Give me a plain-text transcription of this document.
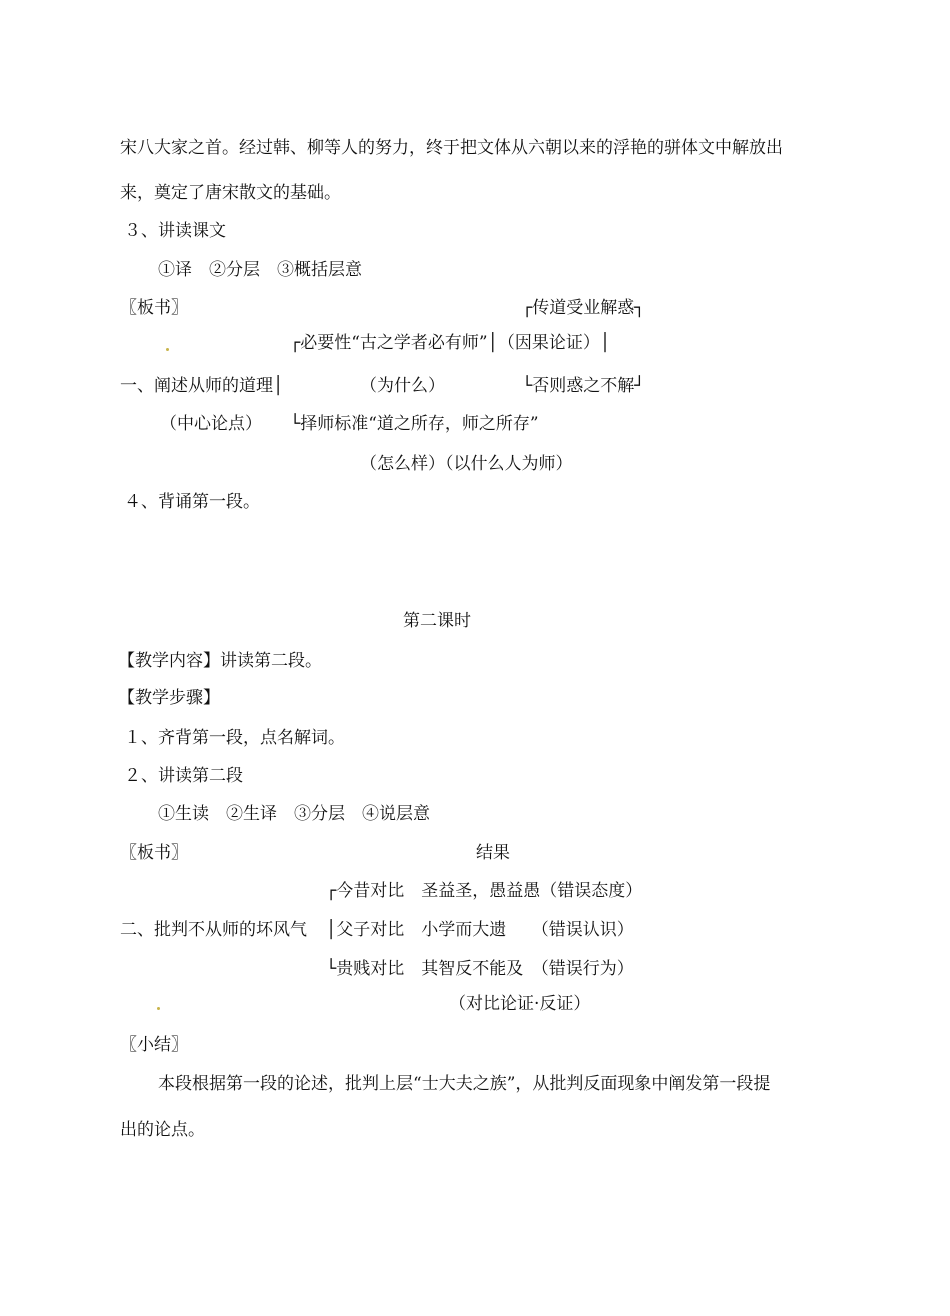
宋八大家之首。经过韩、柳等人的努力，终于把文体从六朝以来的浮艳的骈体文中解放出
来，奠定了唐宋散文的基础。
３、讲读课文
①译　②分层　③概括层意
〖板书〗	┌传道受业解惑┐
┌必要性“古之学者必有师”│（因果论证）│
一、阐述从师的道理│	（为什么）	└否则惑之不解┘
（中心论点） └择师标准“道之所存，师之所存”
（怎么样）（以什么人为师）
４、背诵第一段。
第二课时
【教学内容】讲读第二段。
【教学步骤】
１、齐背第一段，点名解词。
２、讲读第二段
①生读　②生译　③分层　④说层意
〖板书〗	结果
┌今昔对比　圣益圣，愚益愚（错误态度）
二、批判不从师的坏风气 │父子对比　小学而大遗　　（错误认识）
└贵贱对比　其智反不能及　（错误行为）
（对比论证·反证）
〖小结〗
本段根据第一段的论述，批判上层“士大夫之族”，从批判反面现象中阐发第一段提
出的论点。
